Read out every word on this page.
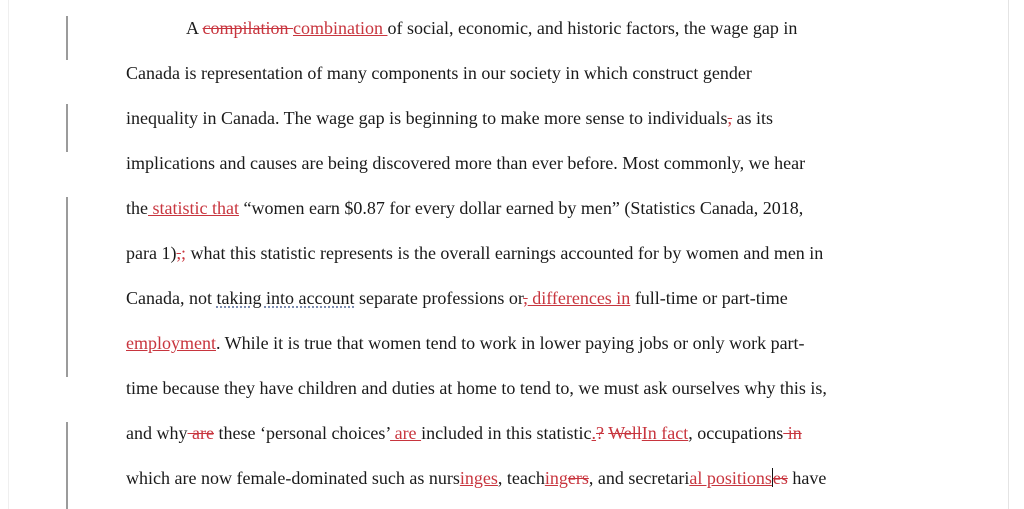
A compilation combination of social, economic, and historic factors, the wage gap in
Canada is representation of many components in our society in which construct gender
inequality in Canada. The wage gap is beginning to make more sense to individuals, as its
implications and causes are being discovered more than ever before. Most commonly, we hear
the statistic that “women earn $0.87 for every dollar earned by men” (Statistics Canada, 2018,
para 1),; what this statistic represents is the overall earnings accounted for by women and men in
Canada, not taking into account separate professions or, differences in full-time or part-time
employment. While it is true that women tend to work in lower paying jobs or only work part-
time because they have children and duties at home to tend to, we must ask ourselves why this is,
and why are these ‘personal choices’ are included in this statistic.? WellIn fact, occupations in
which are now female-dominated such as nursinges, teachingers, and secretarial positionses have
